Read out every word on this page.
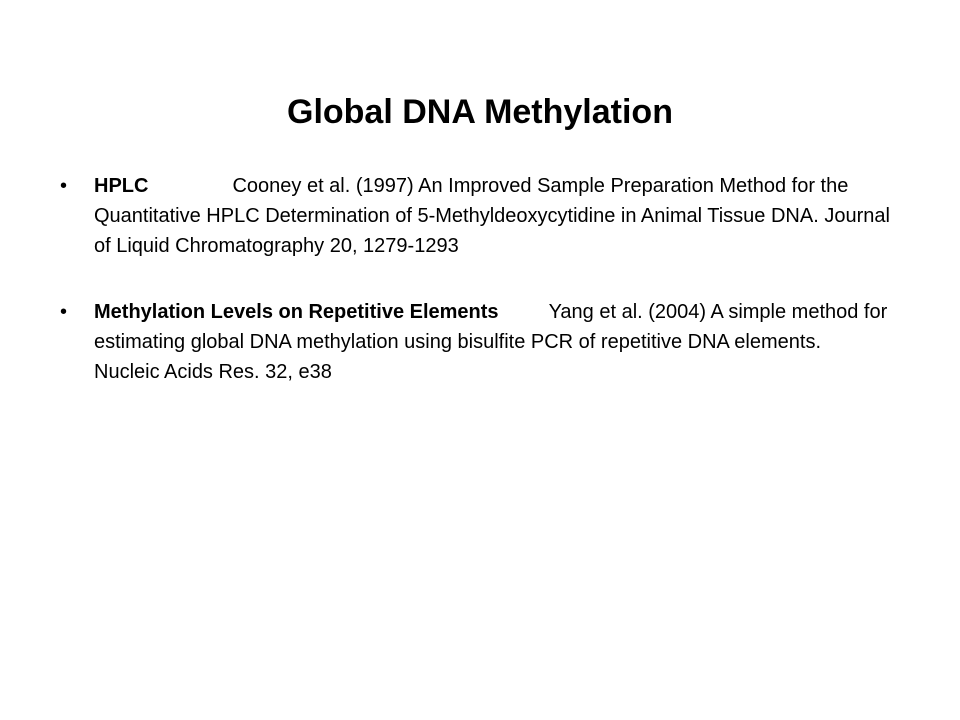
Global DNA Methylation
•	HPLC	Cooney et al. (1997) An Improved Sample Preparation Method for the Quantitative HPLC Determination of 5-Methyldeoxycytidine in Animal Tissue DNA. Journal of Liquid Chromatography 20, 1279-1293
•	Methylation Levels on Repetitive Elements	Yang et al. (2004) A simple method for estimating global DNA methylation using bisulfite PCR of repetitive DNA elements. Nucleic Acids Res. 32, e38
